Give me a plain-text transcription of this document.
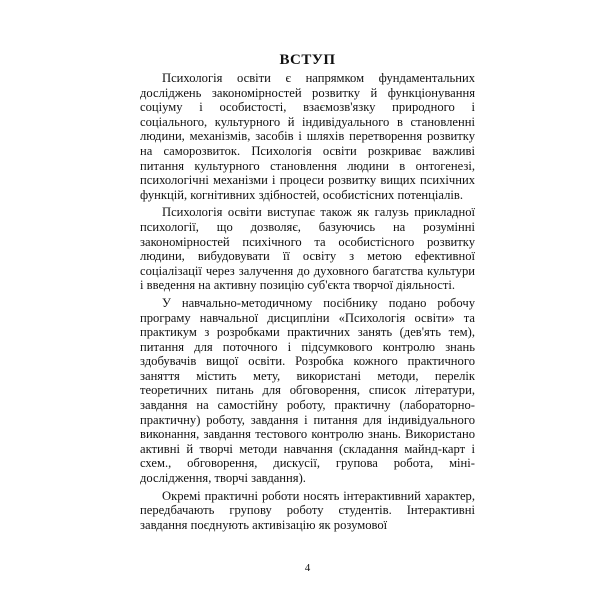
ВСТУП

Психологія освіти є напрямком фундаментальних досліджень закономірностей розвитку й функціонування соціуму і особистості, взаємозв'язку природного і соціального, культурного й індивідуального в становленні людини, механізмів, засобів і шляхів перетворення розвитку на саморозвиток. Психологія освіти розкриває важливі питання культурного становлення людини в онтогенезі, психологічні механізми і процеси розвитку вищих психічних функцій, когнітивних здібностей, особистісних потенціалів.

Психологія освіти виступає також як галузь прикладної психології, що дозволяє, базуючись на розумінні закономірностей психічного та особистісного розвитку людини, вибудовувати її освіту з метою ефективної соціалізації через залучення до духовного багатства культури і введення на активну позицію суб'єкта творчої діяльності.

У навчально-методичному посібнику подано робочу програму навчальної дисципліни «Психологія освіти» та практикум з розробками практичних занять (дев'ять тем), питання для поточного і підсумкового контролю знань здобувачів вищої освіти. Розробка кожного практичного заняття містить мету, використані методи, перелік теоретичних питань для обговорення, список літератури, завдання на самостійну роботу, практичну (лабораторно-практичну) роботу, завдання і питання для індивідуального виконання, завдання тестового контролю знань. Використано активні й творчі методи навчання (складання майнд-карт і схем., обговорення, дискусії, групова робота, міні-дослідження, творчі завдання).

Окремі практичні роботи носять інтерактивний характер, передбачають групову роботу студентів. Інтерактивні завдання поєднують активізацію як розумової

4
